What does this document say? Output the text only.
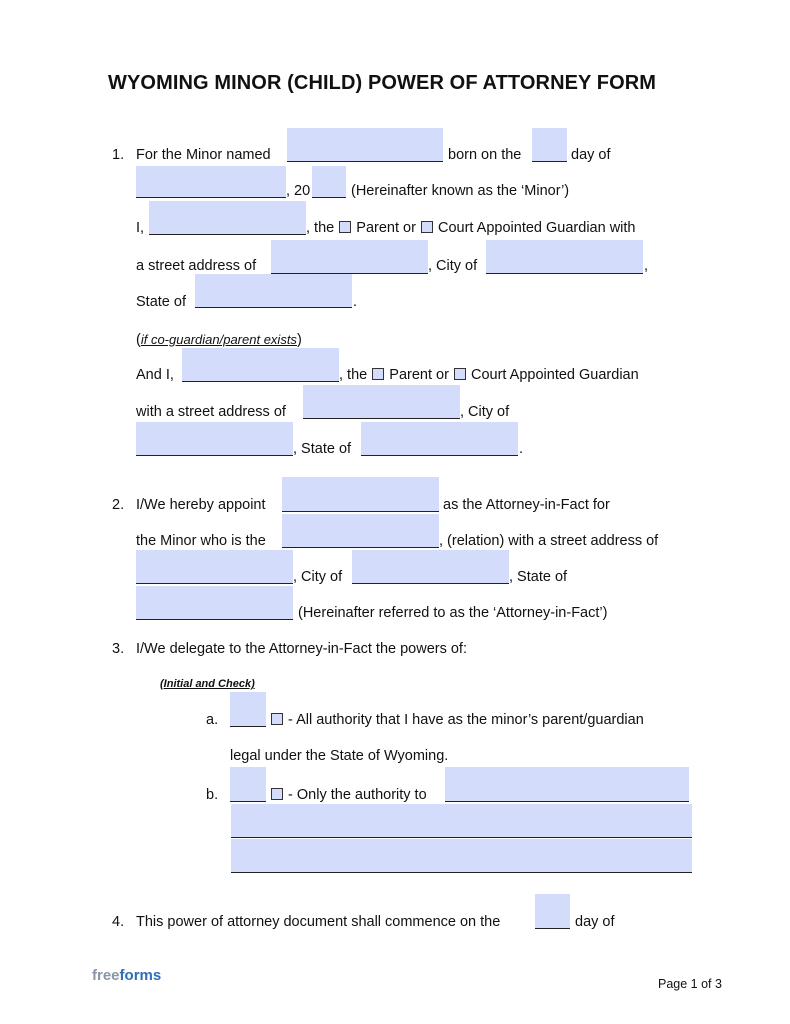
WYOMING MINOR (CHILD) POWER OF ATTORNEY FORM
1. For the Minor named	born on the	day of
, 20	(Hereinafter known as the ‘Minor’)
I,	, the Parent or Court Appointed Guardian with
a street address of	, City of	,
State of	.
(if co-guardian/parent exists)
And I,	, the Parent or Court Appointed Guardian
with a street address of	, City of
, State of	.
2. I/We hereby appoint	as the Attorney-in-Fact for
the Minor who is the	, (relation) with a street address of
, City of	, State of
(Hereinafter referred to as the ‘Attorney-in-Fact’)
3. I/We delegate to the Attorney-in-Fact the powers of:
(Initial and Check)
a.	- All authority that I have as the minor’s parent/guardian
legal under the State of Wyoming.
b.	- Only the authority to
4. This power of attorney document shall commence on the	day of
freeforms	Page 1 of 3
